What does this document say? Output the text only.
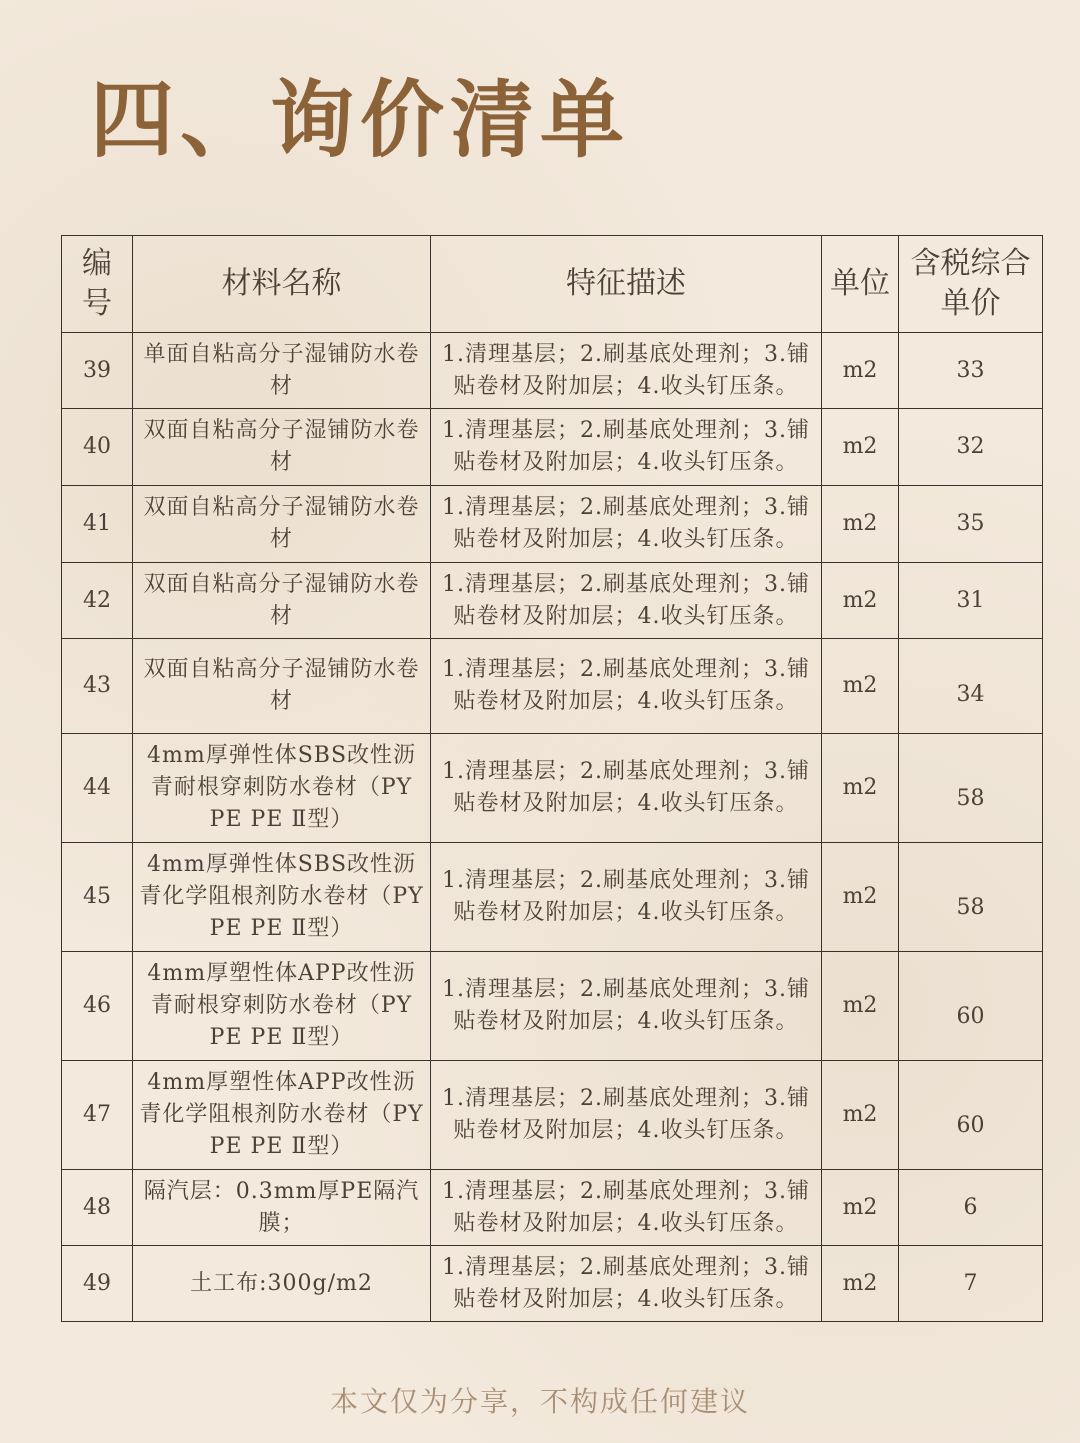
四、询价清单
编号	材料名称	特征描述	单位	含税综合单价
39	单面自粘高分子湿铺防水卷材	1.清理基层；2.刷基底处理剂；3.铺贴卷材及附加层；4.收头钉压条。	m2	33
40	双面自粘高分子湿铺防水卷材	1.清理基层；2.刷基底处理剂；3.铺贴卷材及附加层；4.收头钉压条。	m2	32
41	双面自粘高分子湿铺防水卷材	1.清理基层；2.刷基底处理剂；3.铺贴卷材及附加层；4.收头钉压条。	m2	35
42	双面自粘高分子湿铺防水卷材	1.清理基层；2.刷基底处理剂；3.铺贴卷材及附加层；4.收头钉压条。	m2	31
43	双面自粘高分子湿铺防水卷材	1.清理基层；2.刷基底处理剂；3.铺贴卷材及附加层；4.收头钉压条。	m2	34
44	4mm厚弹性体SBS改性沥青耐根穿刺防水卷材（PY PE PE Ⅱ型）	1.清理基层；2.刷基底处理剂；3.铺贴卷材及附加层；4.收头钉压条。	m2	58
45	4mm厚弹性体SBS改性沥青化学阻根剂防水卷材（PY PE PE Ⅱ型）	1.清理基层；2.刷基底处理剂；3.铺贴卷材及附加层；4.收头钉压条。	m2	58
46	4mm厚塑性体APP改性沥青耐根穿刺防水卷材（PY PE PE Ⅱ型）	1.清理基层；2.刷基底处理剂；3.铺贴卷材及附加层；4.收头钉压条。	m2	60
47	4mm厚塑性体APP改性沥青化学阻根剂防水卷材（PY PE PE Ⅱ型）	1.清理基层；2.刷基底处理剂；3.铺贴卷材及附加层；4.收头钉压条。	m2	60
48	隔汽层：0.3mm厚PE隔汽膜；	1.清理基层；2.刷基底处理剂；3.铺贴卷材及附加层；4.收头钉压条。	m2	6
49	土工布:300g/m2	1.清理基层；2.刷基底处理剂；3.铺贴卷材及附加层；4.收头钉压条。	m2	7
本文仅为分享，不构成任何建议
